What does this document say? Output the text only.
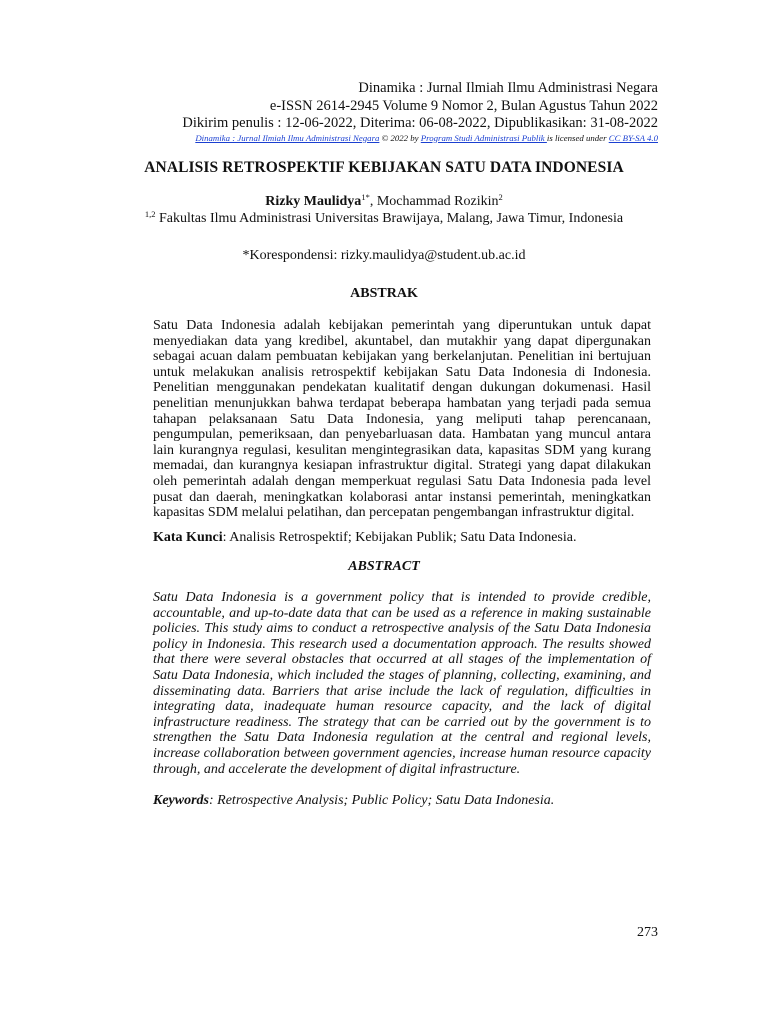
Dinamika : Jurnal Ilmiah Ilmu Administrasi Negara
e-ISSN 2614-2945 Volume 9 Nomor 2, Bulan Agustus Tahun 2022
Dikirim penulis : 12-06-2022, Diterima: 06-08-2022, Dipublikasikan: 31-08-2022
Dinamika : Jurnal Ilmiah Ilmu Administrasi Negara © 2022 by Program Studi Administrasi Publik is licensed under CC BY-SA 4.0
ANALISIS RETROSPEKTIF KEBIJAKAN SATU DATA INDONESIA
Rizky Maulidya$^{1*}$, Mochammad Rozikin$^2$
$^{1,2}$ Fakultas Ilmu Administrasi Universitas Brawijaya, Malang, Jawa Timur, Indonesia
*Korespondensi: rizky.maulidya@student.ub.ac.id
ABSTRAK
Satu Data Indonesia adalah kebijakan pemerintah yang diperuntukan untuk dapat menyediakan data yang kredibel, akuntabel, dan mutakhir yang dapat dipergunakan sebagai acuan dalam pembuatan kebijakan yang berkelanjutan. Penelitian ini bertujuan untuk melakukan analisis retrospektif kebijakan Satu Data Indonesia di Indonesia. Penelitian menggunakan pendekatan kualitatif dengan dukungan dokumenasi. Hasil penelitian menunjukkan bahwa terdapat beberapa hambatan yang terjadi pada semua tahapan pelaksanaan Satu Data Indonesia, yang meliputi tahap perencanaan, pengumpulan, pemeriksaan, dan penyebarluasan data. Hambatan yang muncul antara lain kurangnya regulasi, kesulitan mengintegrasikan data, kapasitas SDM yang kurang memadai, dan kurangnya kesiapan infrastruktur digital. Strategi yang dapat dilakukan oleh pemerintah adalah dengan memperkuat regulasi Satu Data Indonesia pada level pusat dan daerah, meningkatkan kolaborasi antar instansi pemerintah, meningkatkan kapasitas SDM melalui pelatihan, dan percepatan pengembangan infrastruktur digital.
Kata Kunci: Analisis Retrospektif; Kebijakan Publik; Satu Data Indonesia.
ABSTRACT
Satu Data Indonesia is a government policy that is intended to provide credible, accountable, and up-to-date data that can be used as a reference in making sustainable policies. This study aims to conduct a retrospective analysis of the Satu Data Indonesia policy in Indonesia. This research used a documentation approach. The results showed that there were several obstacles that occurred at all stages of the implementation of Satu Data Indonesia, which included the stages of planning, collecting, examining, and disseminating data. Barriers that arise include the lack of regulation, difficulties in integrating data, inadequate human resource capacity, and the lack of digital infrastructure readiness. The strategy that can be carried out by the government is to strengthen the Satu Data Indonesia regulation at the central and regional levels, increase collaboration between government agencies, increase human resource capacity through, and accelerate the development of digital infrastructure.
Keywords: Retrospective Analysis; Public Policy; Satu Data Indonesia.
273
